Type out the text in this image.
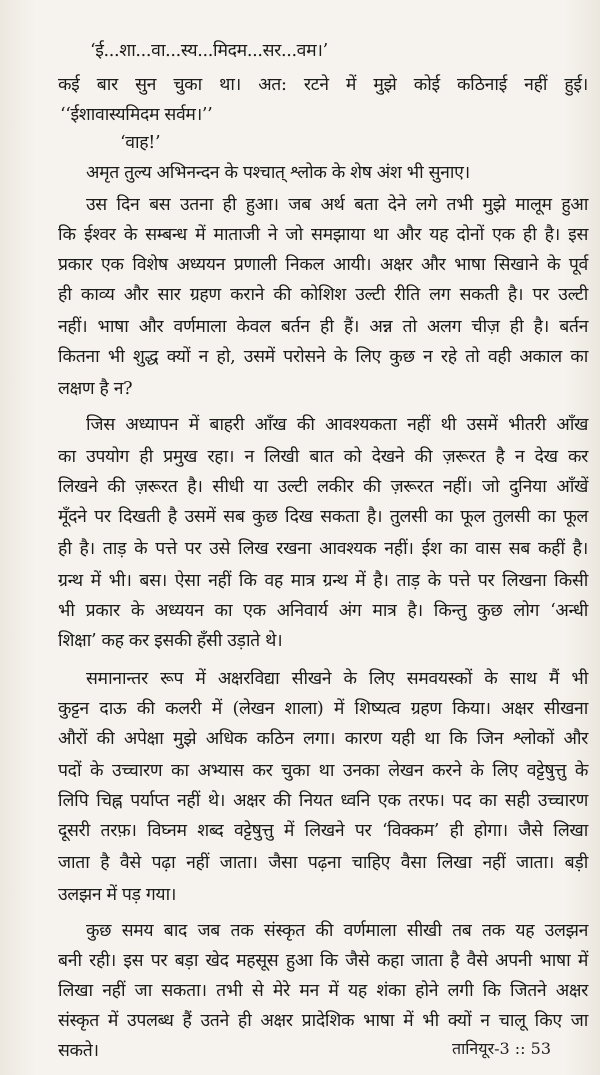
‘ई...शा...वा...स्य...मिदम...सर...वम।’
कई बार सुन चुका था। अत: रटने में मुझे कोई कठिनाई नहीं हुई।
‘‘ईशावास्यमिदम सर्वम।’’
‘वाह!’
अमृत तुल्य अभिनन्दन के पश्चात् श्लोक के शेष अंश भी सुनाए।
उस दिन बस उतना ही हुआ। जब अर्थ बता देने लगे तभी मुझे मालूम हुआ
कि ईश्वर के सम्बन्ध में माताजी ने जो समझाया था और यह दोनों एक ही है। इस
प्रकार एक विशेष अध्ययन प्रणाली निकल आयी। अक्षर और भाषा सिखाने के पूर्व
ही काव्य और सार ग्रहण कराने की कोशिश उल्टी रीति लग सकती है। पर उल्टी
नहीं। भाषा और वर्णमाला केवल बर्तन ही हैं। अन्न तो अलग चीज़ ही है। बर्तन
कितना भी शुद्ध क्यों न हो, उसमें परोसने के लिए कुछ न रहे तो वही अकाल का
लक्षण है न?
जिस अध्यापन में बाहरी आँख की आवश्यकता नहीं थी उसमें भीतरी आँख
का उपयोग ही प्रमुख रहा। न लिखी बात को देखने की ज़रूरत है न देख कर
लिखने की ज़रूरत है। सीधी या उल्टी लकीर की ज़रूरत नहीं। जो दुनिया आँखें
मूँदने पर दिखती है उसमें सब कुछ दिख सकता है। तुलसी का फूल तुलसी का फूल
ही है। ताड़ के पत्ते पर उसे लिख रखना आवश्यक नहीं। ईश का वास सब कहीं है।
ग्रन्थ में भी। बस। ऐसा नहीं कि वह मात्र ग्रन्थ में है। ताड़ के पत्ते पर लिखना किसी
भी प्रकार के अध्ययन का एक अनिवार्य अंग मात्र है। किन्तु कुछ लोग ‘अन्धी
शिक्षा’ कह कर इसकी हँसी उड़ाते थे।
समानान्तर रूप में अक्षरविद्या सीखने के लिए समवयस्कों के साथ मैं भी
कुट्टन दाऊ की कलरी में (लेखन शाला) में शिष्यत्व ग्रहण किया। अक्षर सीखना
औरों की अपेक्षा मुझे अधिक कठिन लगा। कारण यही था कि जिन श्लोकों और
पदों के उच्चारण का अभ्यास कर चुका था उनका लेखन करने के लिए वट्टेषुत्तु के
लिपि चिह्न पर्याप्त नहीं थे। अक्षर की नियत ध्वनि एक तरफ। पद का सही उच्चारण
दूसरी तरफ़। विघ्नम शब्द वट्टेषुत्तु में लिखने पर ‘विक्कम’ ही होगा। जैसे लिखा
जाता है वैसे पढ़ा नहीं जाता। जैसा पढ़ना चाहिए वैसा लिखा नहीं जाता। बड़ी
उलझन में पड़ गया।
कुछ समय बाद जब तक संस्कृत की वर्णमाला सीखी तब तक यह उलझन
बनी रही। इस पर बड़ा खेद महसूस हुआ कि जैसे कहा जाता है वैसे अपनी भाषा में
लिखा नहीं जा सकता। तभी से मेरे मन में यह शंका होने लगी कि जितने अक्षर
संस्कृत में उपलब्ध हैं उतने ही अक्षर प्रादेशिक भाषा में भी क्यों न चालू किए जा
सकते।	तानियूर-3 :: 53
